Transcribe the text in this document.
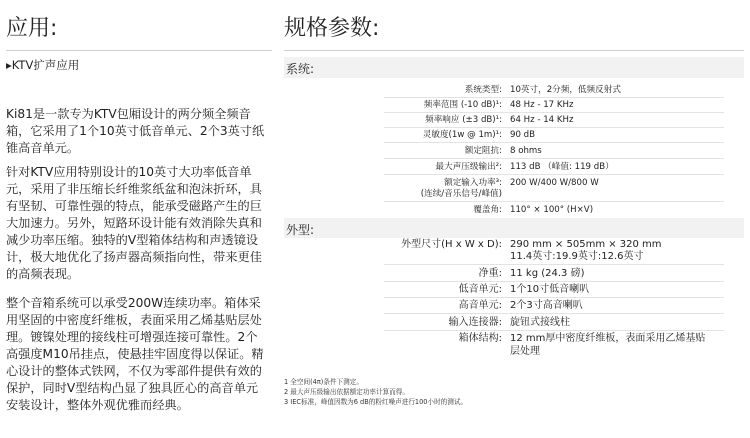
应用:
▸KTV扩声应用
Ki81是一款专为KTV包厢设计的两分频全频音箱，它采用了1个10英寸低音单元、2个3英寸纸锥高音单元。
针对KTV应用特别设计的10英寸大功率低音单元，采用了非压缩长纤维浆纸盆和泡沫折环，具有坚韧、可靠性强的特点，能承受磁路产生的巨大加速力。另外，短路环设计能有效消除失真和减少功率压缩。独特的V型箱体结构和声透镜设计，极大地优化了扬声器高频指向性，带来更佳的高频表现。
整个音箱系统可以承受200W连续功率。箱体采用坚固的中密度纤维板，表面采用乙烯基贴层处理。镀镍处理的接线柱可增强连接可靠性。2个高强度M10吊挂点，使悬挂牢固度得以保证。精心设计的整体式铁网，不仅为零部件提供有效的保护，同时V型结构凸显了独具匠心的高音单元安装设计，整体外观优雅而经典。
规格参数:
系统:
系统类型: 10英寸，2分频，低频反射式
频率范围 (-10 dB)¹: 48 Hz - 17 KHz
频率响应 (±3 dB)¹: 64 Hz - 14 KHz
灵敏度(1w @ 1m)¹: 90 dB
额定阻抗: 8 ohms
最大声压级输出²: 113 dB （峰值: 119 dB）
额定输入功率³: 200 W/400 W/800 W
(连续/音乐信号/峰值)
覆盖角: 110° × 100° (H×V)
外型:
外型尺寸(H x W x D): 290 mm × 505mm × 320 mm
11.4英寸:19.9英寸:12.6英寸
净重: 11 kg (24.3 磅)
低音单元: 1个10寸低音喇叭
高音单元: 2个3寸高音喇叭
输入连接器: 旋钮式接线柱
箱体结构: 12 mm厚中密度纤维板，表面采用乙烯基贴
层处理
1 全空间(4π)条件下测定。
2 最大声压级输出依据额定功率计算而得。
3 IEC标准，峰值因数为6 dB的粉红噪声进行100小时的测试。
